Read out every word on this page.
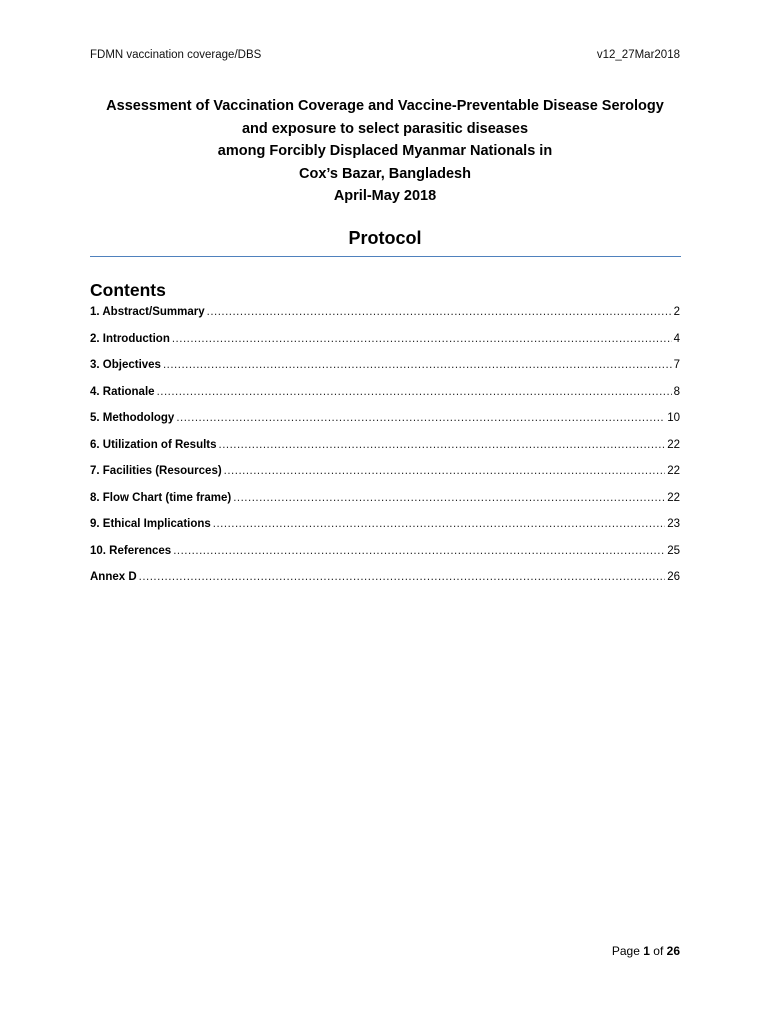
FDMN vaccination coverage/DBS	v12_27Mar2018
Assessment of Vaccination Coverage and Vaccine-Preventable Disease Serology
and exposure to select parasitic diseases
among Forcibly Displaced Myanmar Nationals in
Cox’s Bazar, Bangladesh
April-May 2018
Protocol
Contents
1. Abstract/Summary .....	2
2. Introduction .....	4
3. Objectives .....	7
4. Rationale .....	8
5. Methodology .....	10
6. Utilization of Results .....	22
7. Facilities (Resources) .....	22
8. Flow Chart (time frame) .....	22
9. Ethical Implications .....	23
10. References .....	25
Annex D .....	26
Page 1 of 26
